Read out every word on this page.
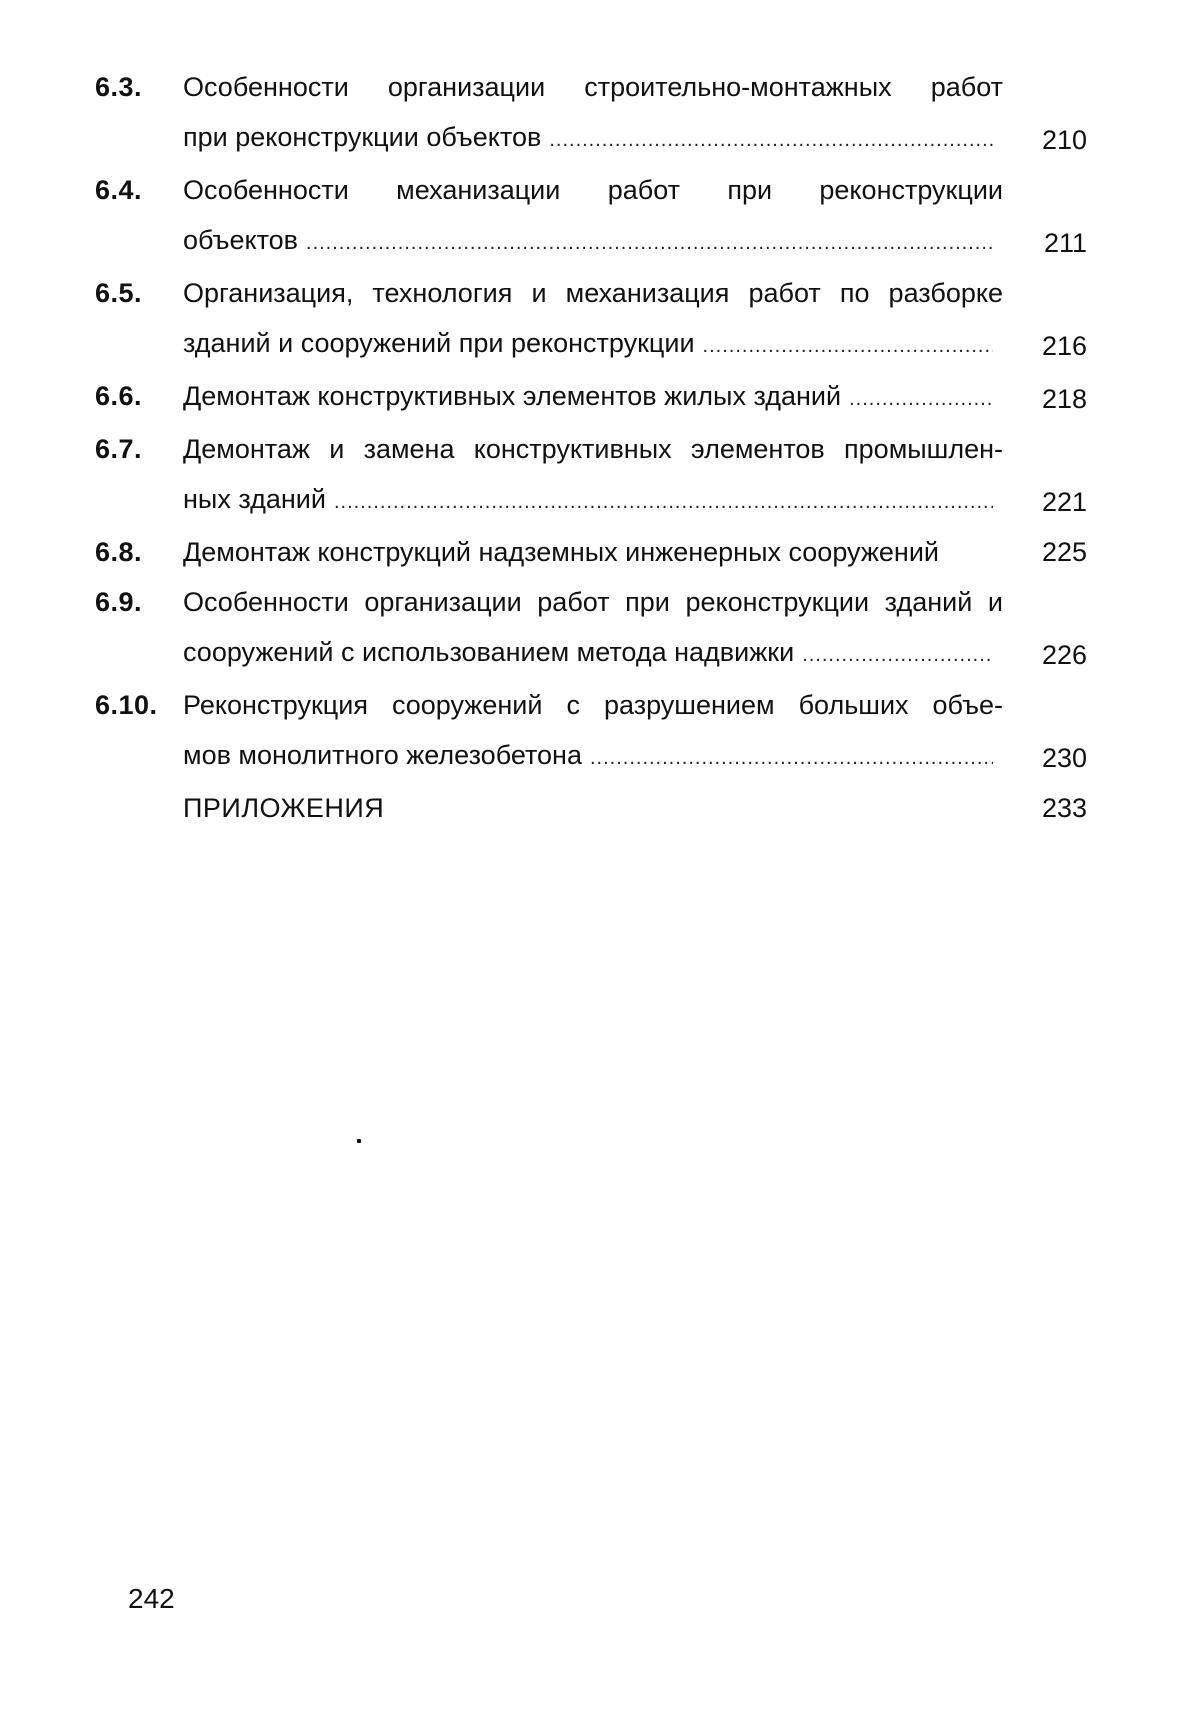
6.3.	Особенности организации строительно-монтажных работ
при реконструкции объектов .....	210
6.4.	Особенности механизации работ при реконструкции
объектов .....	211
6.5.	Организация, технология и механизация работ по разборке
зданий и сооружений при реконструкции .....	216
6.6.	Демонтаж конструктивных элементов жилых зданий .....	218
6.7.	Демонтаж и замена конструктивных элементов промышлен-
ных зданий .....	221
6.8.	Демонтаж конструкций надземных инженерных сооружений	225
6.9.	Особенности организации работ при реконструкции зданий и
сооружений с использованием метода надвижки .....	226
6.10. Реконструкция сооружений с разрушением больших объе-
мов монолитного железобетона .....	230
ПРИЛОЖЕНИЯ	233
242
